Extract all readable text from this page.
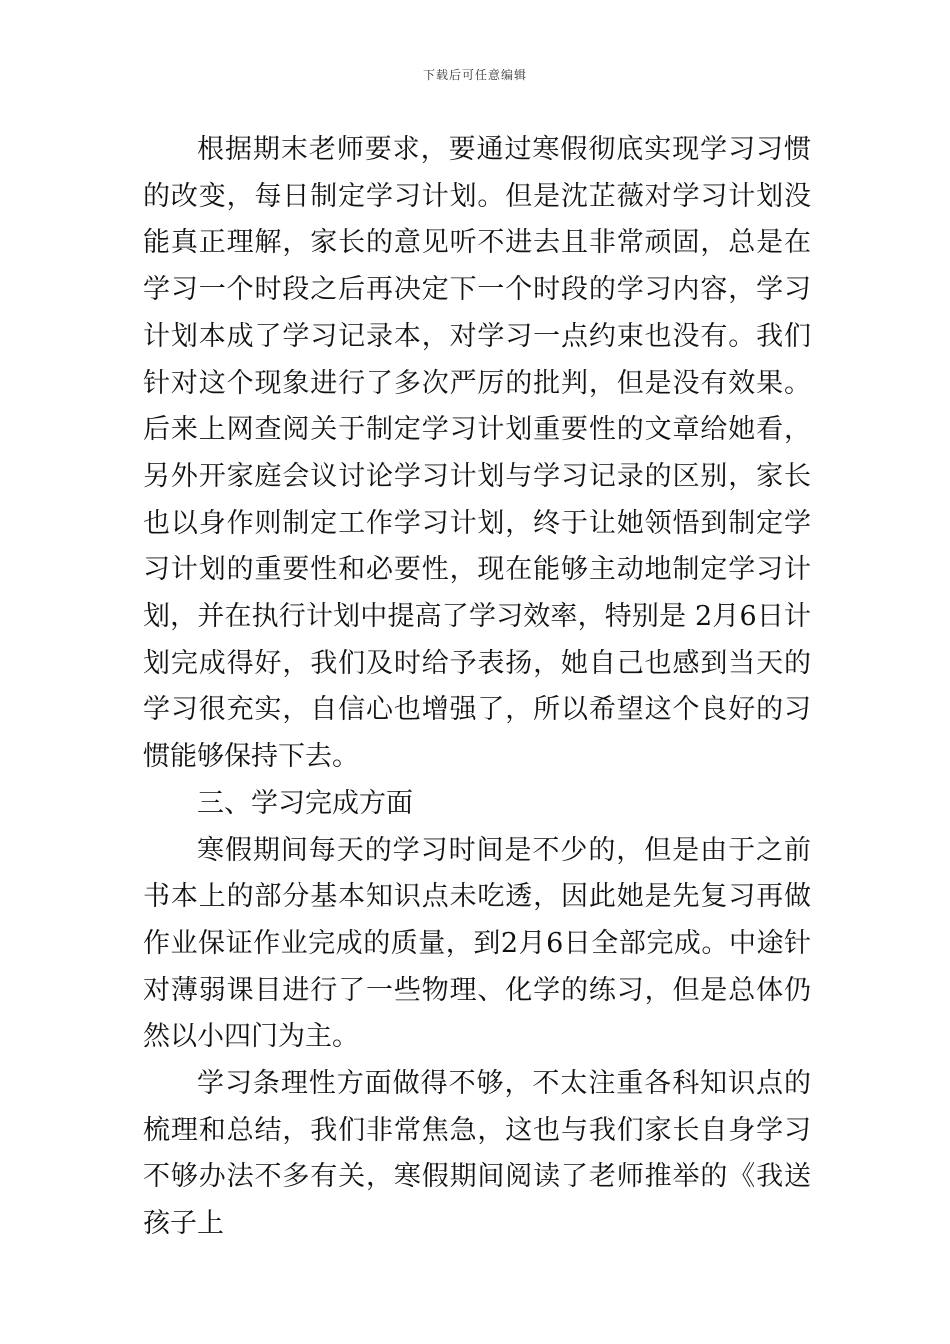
下载后可任意编辑

根据期末老师要求，要通过寒假彻底实现学习习惯的改变，每日制定学习计划。但是沈芷薇对学习计划没能真正理解，家长的意见听不进去且非常顽固，总是在学习一个时段之后再决定下一个时段的学习内容，学习计划本成了学习记录本，对学习一点约束也没有。我们针对这个现象进行了多次严厉的批判，但是没有效果。后来上网查阅关于制定学习计划重要性的文章给她看，另外开家庭会议讨论学习计划与学习记录的区别，家长也以身作则制定工作学习计划，终于让她领悟到制定学习计划的重要性和必要性，现在能够主动地制定学习计划，并在执行计划中提高了学习效率，特别是 2月6日计划完成得好，我们及时给予表扬，她自己也感到当天的学习很充实，自信心也增强了，所以希望这个良好的习惯能够保持下去。

三、学习完成方面

寒假期间每天的学习时间是不少的，但是由于之前书本上的部分基本知识点未吃透，因此她是先复习再做作业保证作业完成的质量，到2月6日全部完成。中途针对薄弱课目进行了一些物理、化学的练习，但是总体仍然以小四门为主。

学习条理性方面做得不够，不太注重各科知识点的梳理和总结，我们非常焦急，这也与我们家长自身学习不够办法不多有关，寒假期间阅读了老师推举的《我送孩子上
